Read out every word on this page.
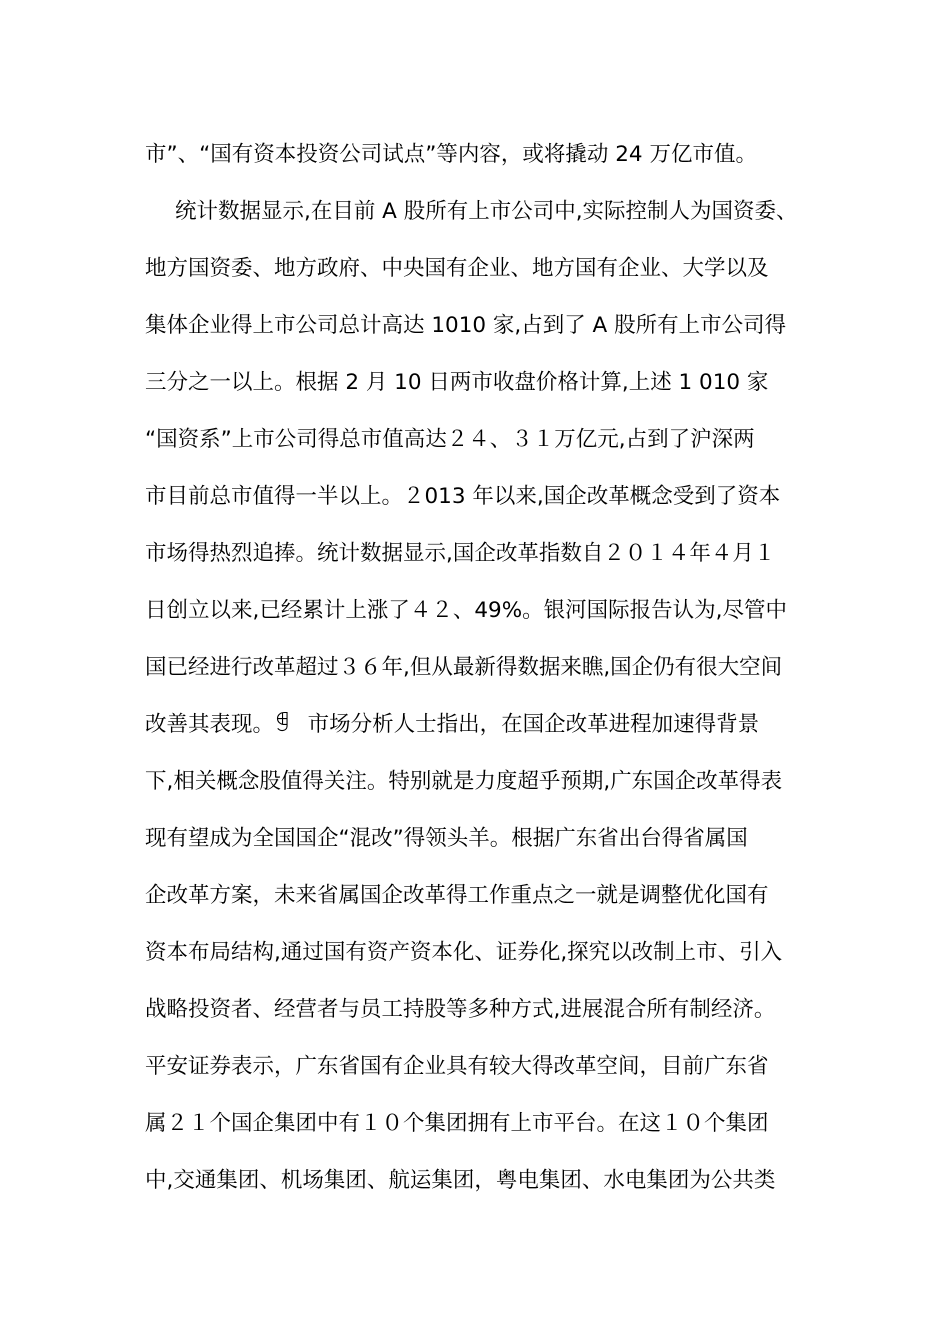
市”、“国有资本投资公司试点”等内容，或将撬动 24 万亿市值。
统计数据显示,在目前 A 股所有上市公司中,实际控制人为国资委、
地方国资委、地方政府、中央国有企业、地方国有企业、大学以及
集体企业得上市公司总计高达 1010 家,占到了 A 股所有上市公司得
三分之一以上。根据 2 月 10 日两市收盘价格计算,上述 1 010 家
“国资系”上市公司得总市值高达２４、３１万亿元,占到了沪深两
市目前总市值得一半以上。２013 年以来,国企改革概念受到了资本
市场得热烈追捧。统计数据显示,国企改革指数自２０１４年４月１
日创立以来,已经累计上涨了４２、49%。银河国际报告认为,尽管中
国已经进行改革超过３６年,但从最新得数据来瞧,国企仍有很大空间
改善其表现。ꁅ　市场分析人士指出，在国企改革进程加速得背景
下,相关概念股值得关注。特别就是力度超乎预期,广东国企改革得表
现有望成为全国国企“混改”得领头羊。根据广东省出台得省属国
企改革方案，未来省属国企改革得工作重点之一就是调整优化国有
资本布局结构,通过国有资产资本化、证券化,探究以改制上市、引入
战略投资者、经营者与员工持股等多种方式,进展混合所有制经济。
平安证券表示，广东省国有企业具有较大得改革空间，目前广东省
属２１个国企集团中有１０个集团拥有上市平台。在这１０个集团
中,交通集团、机场集团、航运集团，粤电集团、水电集团为公共类
